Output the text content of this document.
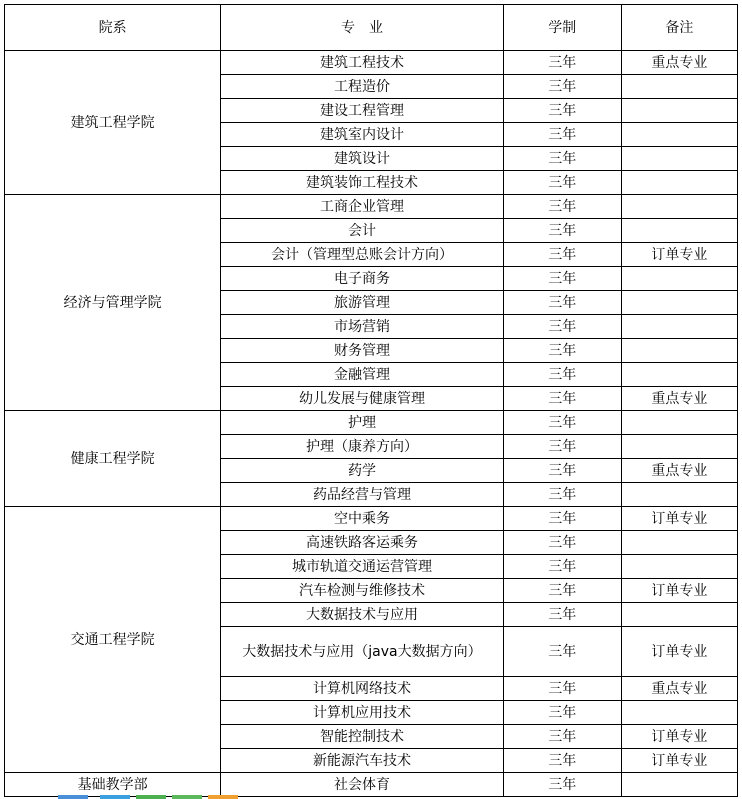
院系	专　业	学制	备注
建筑工程学院	建筑工程技术	三年	重点专业
	工程造价	三年	
	建设工程管理	三年	
	建筑室内设计	三年	
	建筑设计	三年	
	建筑装饰工程技术	三年	
经济与管理学院	工商企业管理	三年	
	会计	三年	
	会计（管理型总账会计方向）	三年	订单专业
	电子商务	三年	
	旅游管理	三年	
	市场营销	三年	
	财务管理	三年	
	金融管理	三年	
	幼儿发展与健康管理	三年	重点专业
健康工程学院	护理	三年	
	护理（康养方向）	三年	
	药学	三年	重点专业
	药品经营与管理	三年	
交通工程学院	空中乘务	三年	订单专业
	高速铁路客运乘务	三年	
	城市轨道交通运营管理	三年	
	汽车检测与维修技术	三年	订单专业
	大数据技术与应用	三年	
	大数据技术与应用（java大数据方向）	三年	订单专业
	计算机网络技术	三年	重点专业
	计算机应用技术	三年	
	智能控制技术	三年	订单专业
	新能源汽车技术	三年	订单专业
基础教学部	社会体育	三年	
